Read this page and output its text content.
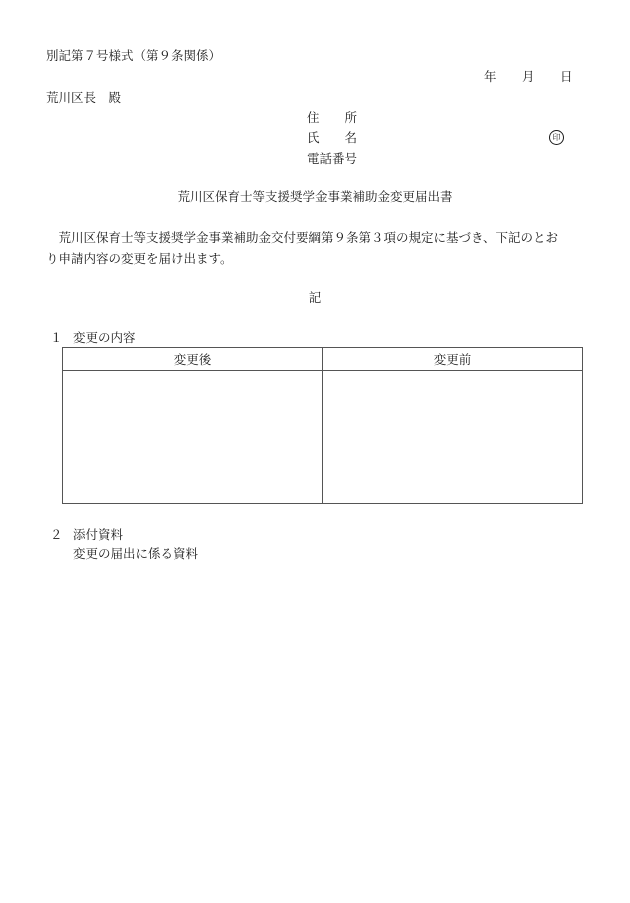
別記第７号様式（第９条関係）
年 月 日
荒川区長　殿
住　　所
氏　　名	印
電話番号
荒川区保育士等支援奨学金事業補助金変更届出書
荒川区保育士等支援奨学金事業補助金交付要綱第９条第３項の規定に基づき、下記のとおり申請内容の変更を届け出ます。
記
１ 変更の内容
変更後	変更前

２ 添付資料
変更の届出に係る資料
